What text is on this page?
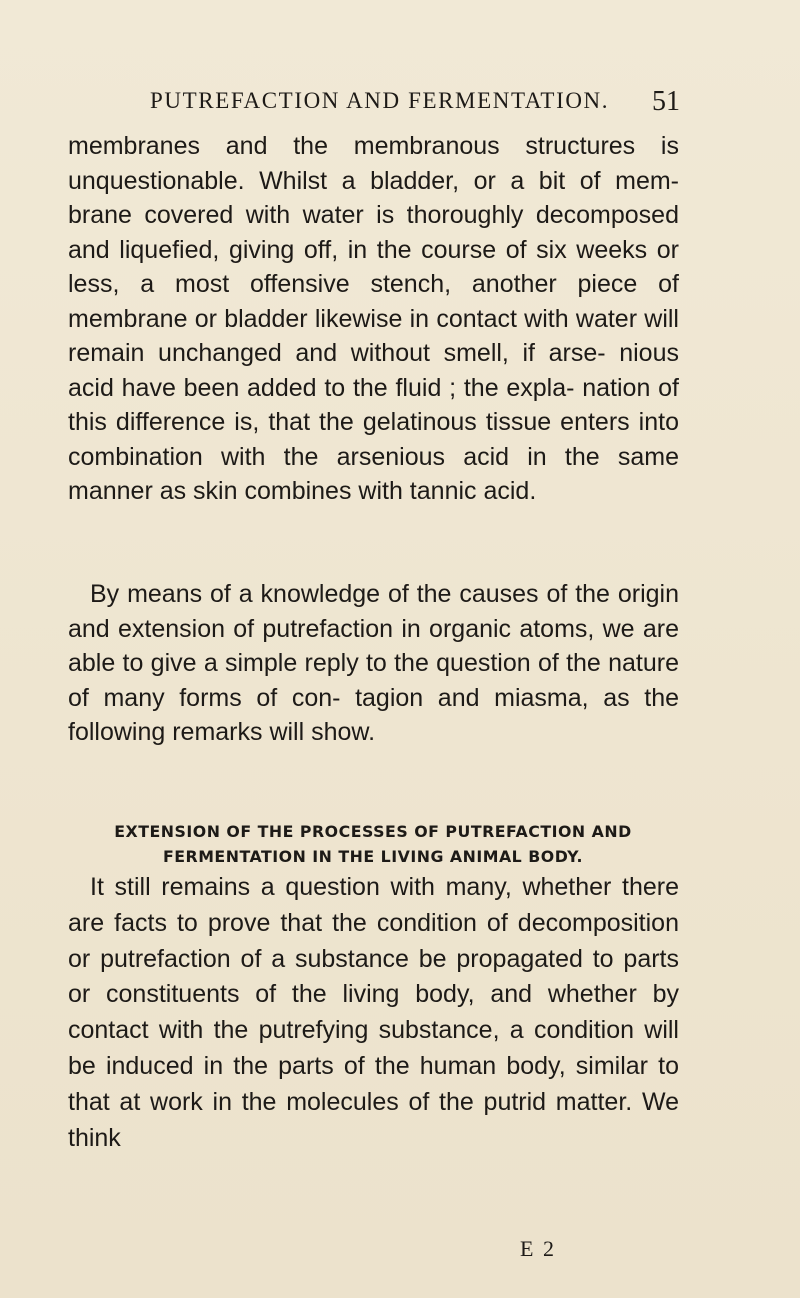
PUTREFACTION AND FERMENTATION. 51
membranes and the membranous structures is unquestionable. Whilst a bladder, or a bit of mem- brane covered with water is thoroughly decomposed and liquefied, giving off, in the course of six weeks or less, a most offensive stench, another piece of membrane or bladder likewise in contact with water will remain unchanged and without smell, if arse- nious acid have been added to the fluid ; the expla- nation of this difference is, that the gelatinous tissue enters into combination with the arsenious acid in the same manner as skin combines with tannic acid.
By means of a knowledge of the causes of the origin and extension of putrefaction in organic atoms, we are able to give a simple reply to the question of the nature of many forms of con- tagion and miasma, as the following remarks will show.
EXTENSION OF THE PROCESSES OF PUTREFACTION AND FERMENTATION IN THE LIVING ANIMAL BODY.
It still remains a question with many, whether there are facts to prove that the condition of decomposition or putrefaction of a substance be propagated to parts or constituents of the living body, and whether by contact with the putrefying substance, a condition will be induced in the parts of the human body, similar to that at work in the molecules of the putrid matter. We think
E 2
